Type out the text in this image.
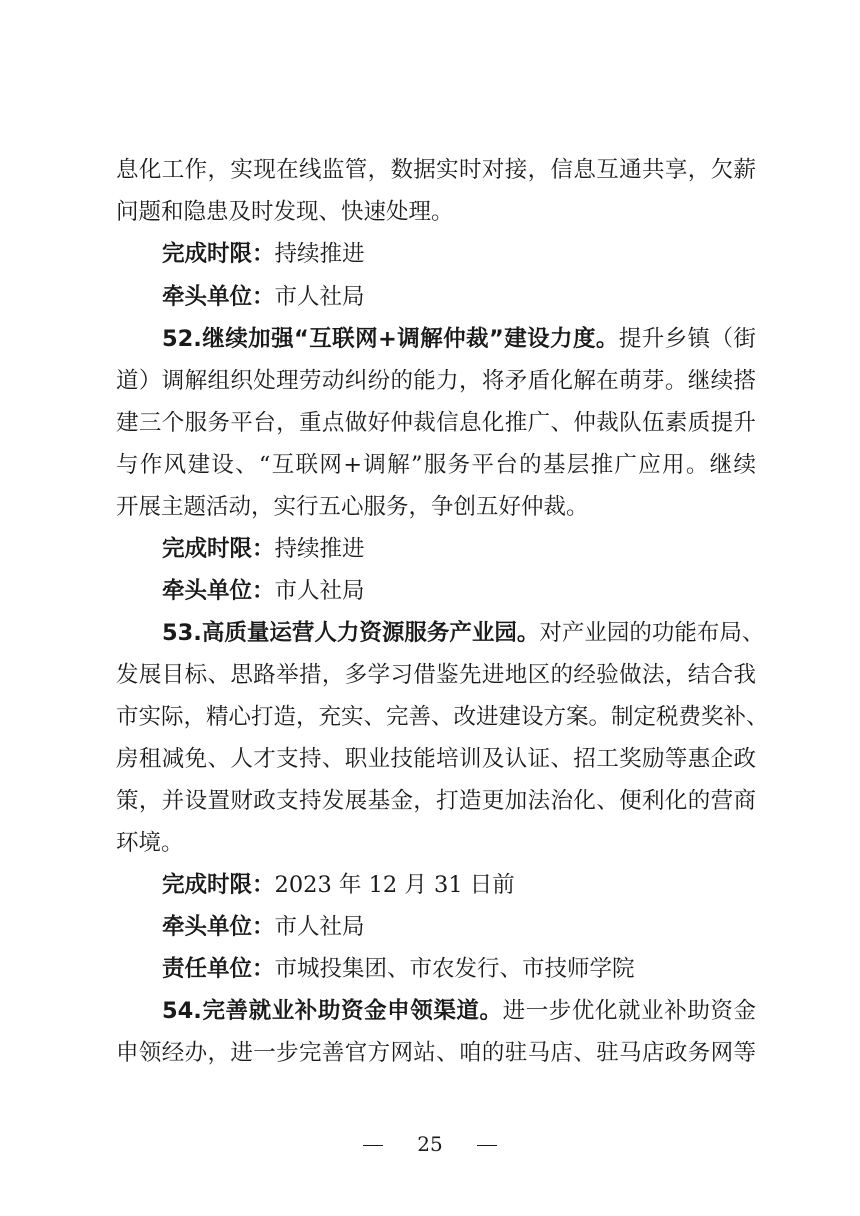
息化工作，实现在线监管，数据实时对接，信息互通共享，欠薪
问题和隐患及时发现、快速处理。
完成时限：持续推进
牵头单位：市人社局
52.继续加强“互联网+调解仲裁”建设力度。提升乡镇（街
道）调解组织处理劳动纠纷的能力，将矛盾化解在萌芽。继续搭
建三个服务平台，重点做好仲裁信息化推广、仲裁队伍素质提升
与作风建设、“互联网+调解”服务平台的基层推广应用。继续
开展主题活动，实行五心服务，争创五好仲裁。
完成时限：持续推进
牵头单位：市人社局
53.高质量运营人力资源服务产业园。对产业园的功能布局、
发展目标、思路举措，多学习借鉴先进地区的经验做法，结合我
市实际，精心打造，充实、完善、改进建设方案。制定税费奖补、
房租减免、人才支持、职业技能培训及认证、招工奖励等惠企政
策，并设置财政支持发展基金，打造更加法治化、便利化的营商
环境。
完成时限：2023 年 12 月 31 日前
牵头单位：市人社局
责任单位：市城投集团、市农发行、市技师学院
54.完善就业补助资金申领渠道。进一步优化就业补助资金
申领经办，进一步完善官方网站、咱的驻马店、驻马店政务网等
25
